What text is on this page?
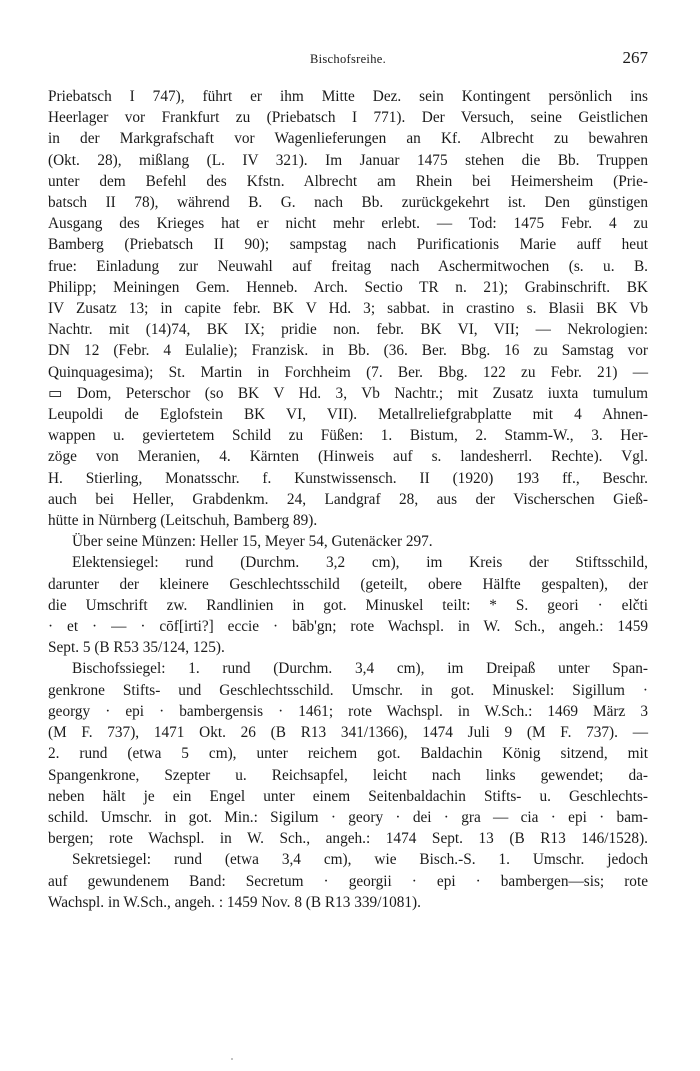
Bischofsreihe.	267
Priebatsch I 747), führt er ihm Mitte Dez. sein Kontingent persönlich ins
Heerlager vor Frankfurt zu (Priebatsch I 771). Der Versuch, seine Geistlichen
in der Markgrafschaft vor Wagenlieferungen an Kf. Albrecht zu bewahren
(Okt. 28), mißlang (L. IV 321). Im Januar 1475 stehen die Bb. Truppen
unter dem Befehl des Kfstn. Albrecht am Rhein bei Heimersheim (Prie-
batsch II 78), während B. G. nach Bb. zurückgekehrt ist. Den günstigen
Ausgang des Krieges hat er nicht mehr erlebt. — Tod: 1475 Febr. 4 zu
Bamberg (Priebatsch II 90); sampstag nach Purificationis Marie auff heut
frue: Einladung zur Neuwahl auf freitag nach Aschermitwochen (s. u. B.
Philipp; Meiningen Gem. Henneb. Arch. Sectio TR n. 21); Grabinschrift. BK
IV Zusatz 13; in capite febr. BK V Hd. 3; sabbat. in crastino s. Blasii BK Vb
Nachtr. mit (14)74, BK IX; pridie non. febr. BK VI, VII; — Nekrologien:
DN 12 (Febr. 4 Eulalie); Franzisk. in Bb. (36. Ber. Bbg. 16 zu Samstag vor
Quinquagesima); St. Martin in Forchheim (7. Ber. Bbg. 122 zu Febr. 21) —
▭ Dom, Peterschor (so BK V Hd. 3, Vb Nachtr.; mit Zusatz iuxta tumulum
Leupoldi de Eglofstein BK VI, VII). Metallreliefgrabplatte mit 4 Ahnen-
wappen u. geviertetem Schild zu Füßen: 1. Bistum, 2. Stamm-W., 3. Her-
zöge von Meranien, 4. Kärnten (Hinweis auf s. landesherrl. Rechte). Vgl.
H. Stierling, Monatsschr. f. Kunstwissensch. II (1920) 193 ff., Beschr.
auch bei Heller, Grabdenkm. 24, Landgraf 28, aus der Vischerschen Gieß-
hütte in Nürnberg (Leitschuh, Bamberg 89).
Über seine Münzen: Heller 15, Meyer 54, Gutenäcker 297.
Elektensiegel: rund (Durchm. 3,2 cm), im Kreis der Stiftsschild,
darunter der kleinere Geschlechtsschild (geteilt, obere Hälfte gespalten), der
die Umschrift zw. Randlinien in got. Minuskel teilt: * S. geori · elčti
· et · — · cōf[irti?] eccie · bāb'gn; rote Wachspl. in W. Sch., angeh.: 1459
Sept. 5 (B R53 35/124, 125).
Bischofssiegel: 1. rund (Durchm. 3,4 cm), im Dreipaß unter Span-
genkrone Stifts- und Geschlechtsschild. Umschr. in got. Minuskel: Sigillum ·
georgy · epi · bambergensis · 1461; rote Wachspl. in W.Sch.: 1469 März 3
(M F. 737), 1471 Okt. 26 (B R13 341/1366), 1474 Juli 9 (M F. 737). —
2. rund (etwa 5 cm), unter reichem got. Baldachin König sitzend, mit
Spangenkrone, Szepter u. Reichsapfel, leicht nach links gewendet; da-
neben hält je ein Engel unter einem Seitenbaldachin Stifts- u. Geschlechts-
schild. Umschr. in got. Min.: Sigilum · geory · dei · gra — cia · epi · bam-
bergen; rote Wachspl. in W. Sch., angeh.: 1474 Sept. 13 (B R13 146/1528).
Sekretsiegel: rund (etwa 3,4 cm), wie Bisch.-S. 1. Umschr. jedoch
auf gewundenem Band: Secretum · georgii · epi · bambergen—sis; rote
Wachspl. in W.Sch., angeh. : 1459 Nov. 8 (B R13 339/1081).
